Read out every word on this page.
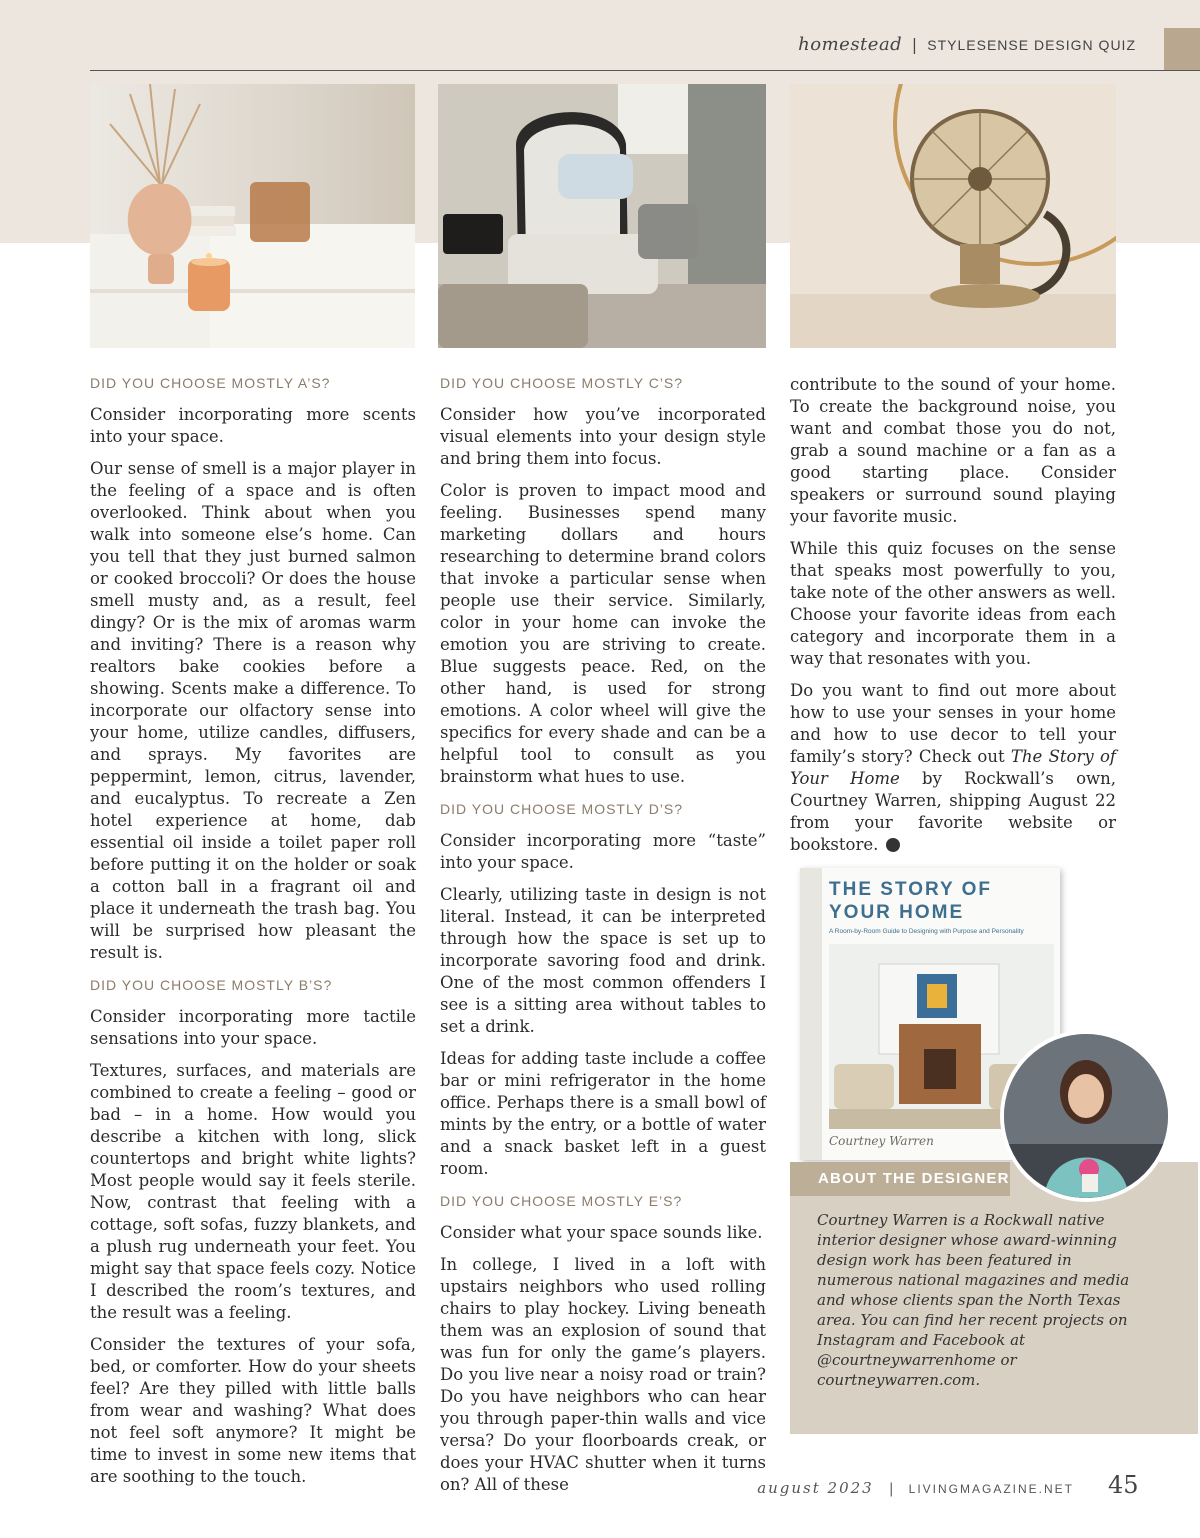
homestead | STYLESENSE DESIGN QUIZ
DID YOU CHOOSE MOSTLY A’S?

Consider incorporating more scents into your space.

Our sense of smell is a major player in the feeling of a space and is often overlooked. Think about when you walk into someone else’s home. Can you tell that they just burned salmon or cooked broccoli? Or does the house smell musty and, as a result, feel dingy? Or is the mix of aromas warm and inviting? There is a reason why realtors bake cookies before a showing. Scents make a difference. To incorporate our olfactory sense into your home, utilize candles, diffusers, and sprays. My favorites are peppermint, lemon, citrus, lavender, and eucalyptus. To recreate a Zen hotel experience at home, dab essential oil inside a toilet paper roll before putting it on the holder or soak a cotton ball in a fragrant oil and place it underneath the trash bag. You will be surprised how pleasant the result is.

DID YOU CHOOSE MOSTLY B’S?

Consider incorporating more tactile sensations into your space.

Textures, surfaces, and materials are combined to create a feeling – good or bad – in a home. How would you describe a kitchen with long, slick countertops and bright white lights? Most people would say it feels sterile. Now, contrast that feeling with a cottage, soft sofas, fuzzy blankets, and a plush rug underneath your feet. You might say that space feels cozy. Notice I described the room’s textures, and the result was a feeling.

Consider the textures of your sofa, bed, or comforter. How do your sheets feel? Are they pilled with little balls from wear and washing? What does not feel soft anymore? It might be time to invest in some new items that are soothing to the touch.

DID YOU CHOOSE MOSTLY C’S?

Consider how you’ve incorporated visual elements into your design style and bring them into focus.

Color is proven to impact mood and feeling. Businesses spend many marketing dollars and hours researching to determine brand colors that invoke a particular sense when people use their service. Similarly, color in your home can invoke the emotion you are striving to create. Blue suggests peace. Red, on the other hand, is used for strong emotions. A color wheel will give the specifics for every shade and can be a helpful tool to consult as you brainstorm what hues to use.

DID YOU CHOOSE MOSTLY D’S?

Consider incorporating more “taste” into your space.

Clearly, utilizing taste in design is not literal. Instead, it can be interpreted through how the space is set up to incorporate savoring food and drink. One of the most common offenders I see is a sitting area without tables to set a drink.

Ideas for adding taste include a coffee bar or mini refrigerator in the home office. Perhaps there is a small bowl of mints by the entry, or a bottle of water and a snack basket left in a guest room.

DID YOU CHOOSE MOSTLY E’S?

Consider what your space sounds like.

In college, I lived in a loft with upstairs neighbors who used rolling chairs to play hockey. Living beneath them was an explosion of sound that was fun for only the game’s players. Do you live near a noisy road or train? Do you have neighbors who can hear you through paper-thin walls and vice versa? Do your floorboards creak, or does your HVAC shutter when it turns on? All of these

contribute to the sound of your home. To create the background noise, you want and combat those you do not, grab a sound machine or a fan as a good starting place. Consider speakers or surround sound playing your favorite music.

While this quiz focuses on the sense that speaks most powerfully to you, take note of the other answers as well. Choose your favorite ideas from each category and incorporate them in a way that resonates with you.

Do you want to find out more about how to use your senses in your home and how to use decor to tell your family’s story? Check out The Story of Your Home by Rockwall’s own, Courtney Warren, shipping August 22 from your favorite website or bookstore.

THE STORY OF YOUR HOME
A Room-by-Room Guide to Designing with Purpose and Personality
Courtney Warren
ABOUT THE DESIGNER
Courtney Warren is a Rockwall native interior designer whose award-winning design work has been featured in numerous national magazines and media and whose clients span the North Texas area. You can find her recent projects on Instagram and Facebook at @courtneywarrenhome or courtneywarren.com.
august 2023 | LIVINGMAGAZINE.NET 45
